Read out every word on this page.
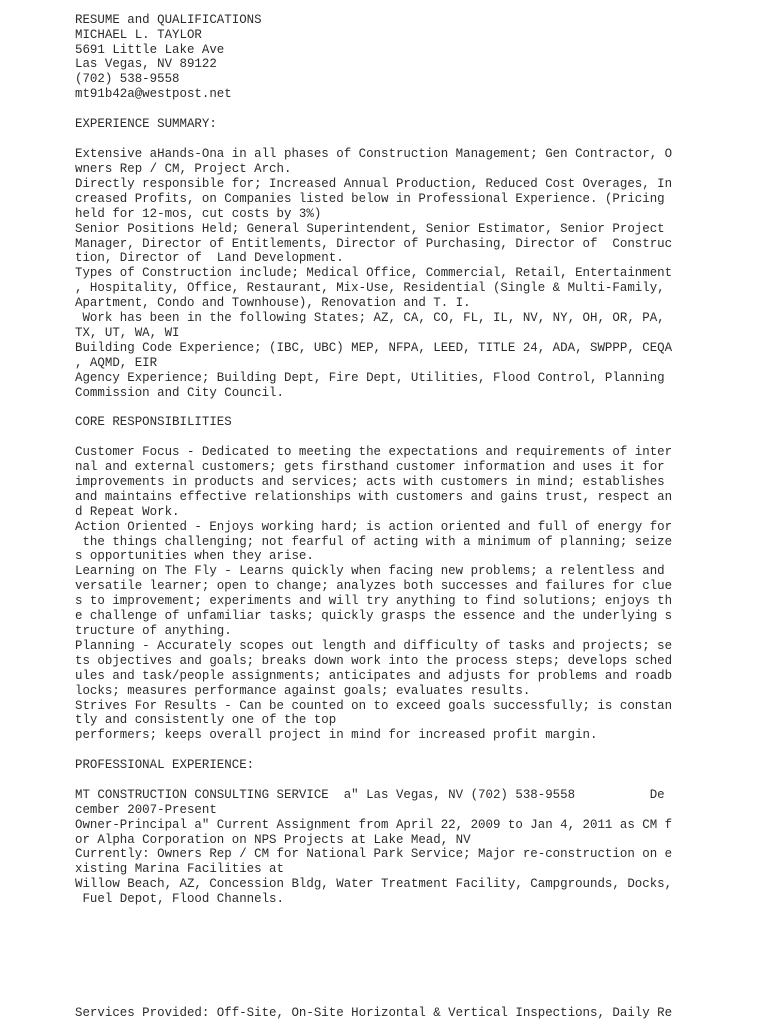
RESUME and QUALIFICATIONS

MICHAEL L. TAYLOR

5691 Little Lake Ave

Las Vegas, NV 89122

(702) 538-9558

mt91b42a@westpost.net

EXPERIENCE SUMMARY:

Extensive aHands-Ona in all phases of Construction Management; Gen Contractor, O

wners Rep / CM, Project Arch.

Directly responsible for; Increased Annual Production, Reduced Cost Overages, In

creased Profits, on Companies listed below in Professional Experience. (Pricing

held for 12-mos, cut costs by 3%)

Senior Positions Held; General Superintendent, Senior Estimator, Senior Project

Manager, Director of Entitlements, Director of Purchasing, Director of  Construc

tion, Director of  Land Development.

Types of Construction include; Medical Office, Commercial, Retail, Entertainment

, Hospitality, Office, Restaurant, Mix-Use, Residential (Single & Multi-Family,

Apartment, Condo and Townhouse), Renovation and T. I.

Work has been in the following States; AZ, CA, CO, FL, IL, NV, NY, OH, OR, PA,

TX, UT, WA, WI

Building Code Experience; (IBC, UBC) MEP, NFPA, LEED, TITLE 24, ADA, SWPPP, CEQA

, AQMD, EIR

Agency Experience; Building Dept, Fire Dept, Utilities, Flood Control, Planning

Commission and City Council.

CORE RESPONSIBILITIES

Customer Focus - Dedicated to meeting the expectations and requirements of inter

nal and external customers; gets firsthand customer information and uses it for

improvements in products and services; acts with customers in mind; establishes

and maintains effective relationships with customers and gains trust, respect an

d Repeat Work.

Action Oriented - Enjoys working hard; is action oriented and full of energy for

the things challenging; not fearful of acting with a minimum of planning; seize

s opportunities when they arise.

Learning on The Fly - Learns quickly when facing new problems; a relentless and

versatile learner; open to change; analyzes both successes and failures for clue

s to improvement; experiments and will try anything to find solutions; enjoys th

e challenge of unfamiliar tasks; quickly grasps the essence and the underlying s

tructure of anything.

Planning - Accurately scopes out length and difficulty of tasks and projects; se

ts objectives and goals; breaks down work into the process steps; develops sched

ules and task/people assignments; anticipates and adjusts for problems and roadb

locks; measures performance against goals; evaluates results.

Strives For Results - Can be counted on to exceed goals successfully; is constan

tly and consistently one of the top

performers; keeps overall project in mind for increased profit margin.

PROFESSIONAL EXPERIENCE:

MT CONSTRUCTION CONSULTING SERVICE  a" Las Vegas, NV (702) 538-9558          De

cember 2007-Present

Owner-Principal a" Current Assignment from April 22, 2009 to Jan 4, 2011 as CM f

or Alpha Corporation on NPS Projects at Lake Mead, NV

Currently: Owners Rep / CM for National Park Service; Major re-construction on e

xisting Marina Facilities at

Willow Beach, AZ, Concession Bldg, Water Treatment Facility, Campgrounds, Docks,

Fuel Depot, Flood Channels.

Services Provided: Off-Site, On-Site Horizontal & Vertical Inspections, Daily Re
